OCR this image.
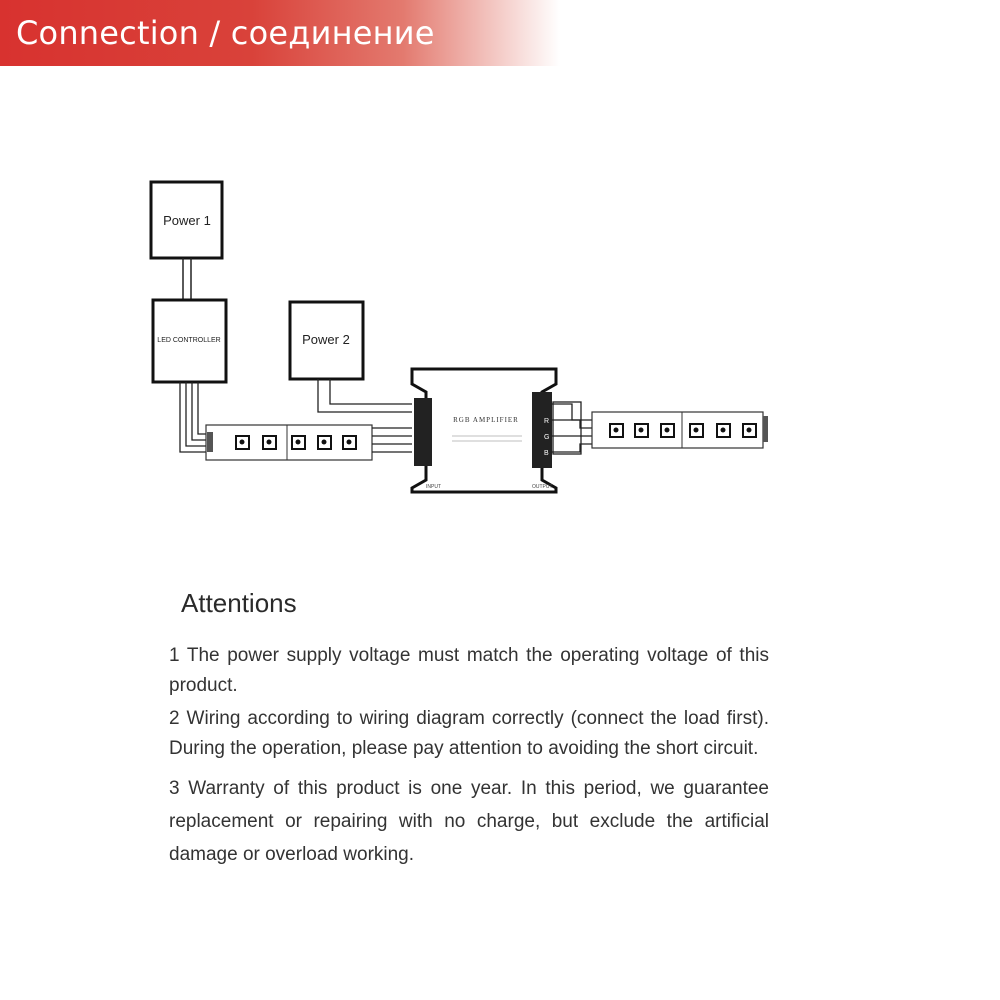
Connection / соединение
Power 1
LED CONTROLLER	Power 2
RGB AMPLIFIER
INPUT	OUTPUT
R
G
B
Attentions
1 The power supply voltage must match the operating voltage of this product.
2 Wiring according to wiring diagram correctly (connect the load first). During the operation, please pay attention to avoiding the short circuit.
3 Warranty of this product is one year. In this period, we guarantee replacement or repairing with no charge, but exclude the artificial damage or overload working.
